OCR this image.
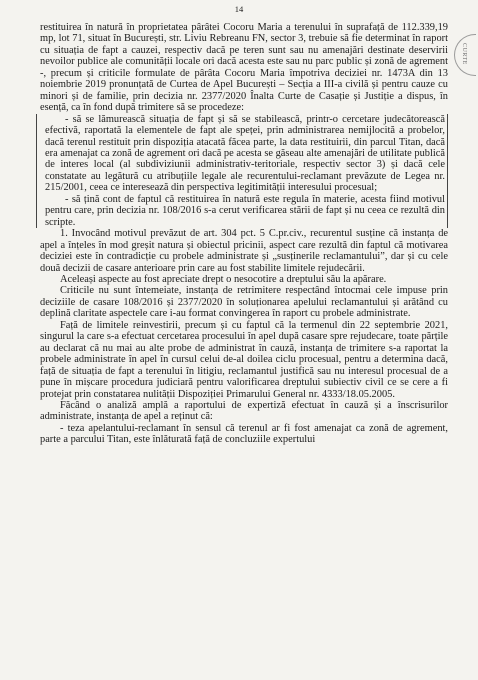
14
CURTE

restituirea în natură în proprietatea pârâtei Cocoru Maria a terenului în suprafață de 112.339,19 mp, lot 71, situat în București, str. Liviu Rebreanu FN, sector 3, trebuie să fie determinat în raport cu situația de fapt a cauzei, respectiv dacă pe teren sunt sau nu amenajări destinate deservirii nevoilor publice ale comunității locale ori dacă acesta este sau nu parc public și zonă de agrement -, precum și criticile formulate de pârâta Cocoru Maria împotriva deciziei nr. 1473A din 13 noiembrie 2019 pronunțată de Curtea de Apel București – Secția a III-a civilă și pentru cauze cu minori și de familie, prin decizia nr. 2377/2020 Înalta Curte de Casație și Justiție a dispus, în esență, ca în fond după trimitere să se procedeze:

- să se lămurească situația de fapt și să se stabilească, printr-o cercetare judecătorească efectivă, raportată la elementele de fapt ale speței, prin administrarea nemijlocită a probelor, dacă terenul restituit prin dispoziția atacată făcea parte, la data restituirii, din parcul Titan, dacă era amenajat ca zonă de agrement ori dacă pe acesta se găseau alte amenajări de utilitate publică de interes local (al subdiviziunii administrativ-teritoriale, respectiv sector 3) și dacă cele constatate au legătură cu atribuțiile legale ale recurentului-reclamant prevăzute de Legea nr. 215/2001, ceea ce interesează din perspectiva legitimității interesului procesual;

- să țină cont de faptul că restituirea în natură este regula în materie, acesta fiind motivul pentru care, prin decizia nr. 108/2016 s-a cerut verificarea stării de fapt și nu ceea ce rezultă din scripte.

1. Invocând motivul prevăzut de art. 304 pct. 5 C.pr.civ., recurentul susține că instanța de apel a înțeles în mod greșit natura și obiectul pricinii, aspect care rezultă din faptul că motivarea deciziei este în contradicție cu probele administrate și „susținerile reclamantului”, dar și cu cele două decizii de casare anterioare prin care au fost stabilite limitele rejudecării.

Aceleași aspecte au fost apreciate drept o nesocotire a dreptului său la apărare.

Criticile nu sunt întemeiate, instanța de retrimitere respectând întocmai cele impuse prin deciziile de casare 108/2016 și 2377/2020 în soluționarea apelului reclamantului și arătând cu deplină claritate aspectele care i-au format convingerea în raport cu probele administrate.

Față de limitele reinvestirii, precum și cu faptul că la termenul din 22 septembrie 2021, singurul la care s-a efectuat cercetarea procesului în apel după casare spre rejudecare, toate părțile au declarat că nu mai au alte probe de administrat în cauză, instanța de trimitere s-a raportat la probele administrate în apel în cursul celui de-al doilea ciclu procesual, pentru a determina dacă, față de situația de fapt a terenului în litigiu, reclamantul justifică sau nu interesul procesual de a pune în mișcare procedura judiciară pentru valorificarea dreptului subiectiv civil ce se cere a fi protejat prin constatarea nulității Dispoziției Primarului General nr. 4333/18.05.2005.

Făcând o analiză amplă a raportului de expertiză efectuat în cauză și a înscrisurilor administrate, instanța de apel a reținut că:

- teza apelantului-reclamant în sensul că terenul ar fi fost amenajat ca zonă de agrement, parte a parcului Titan, este înlăturată față de concluziile expertului
